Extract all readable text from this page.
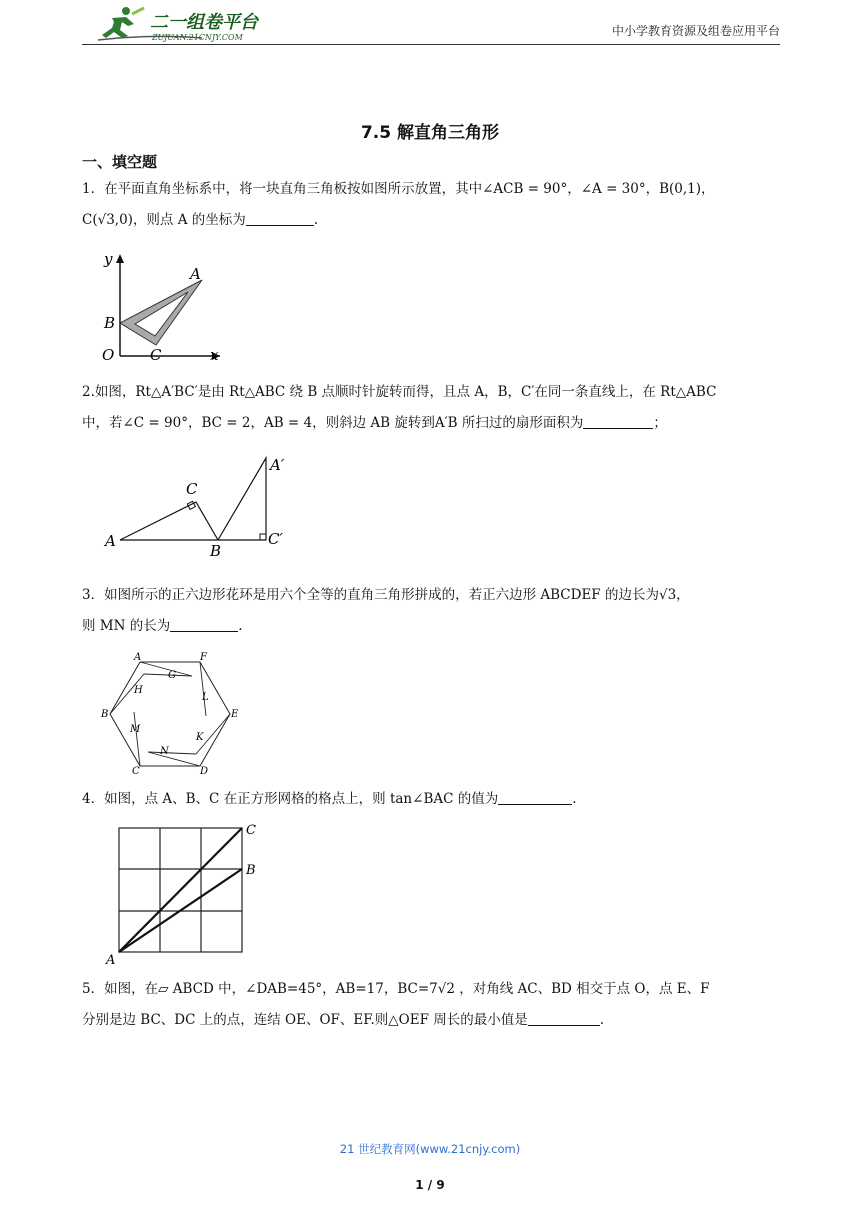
二一组卷平台
ZUJUAN.21CNJY.COM	中小学教育资源及组卷应用平台
7.5 解直角三角形
一、填空题

1．在平面直角坐标系中，将一块直角三角板按如图所示放置，其中∠ACB = 90°，∠A = 30°，B(0,1)，

C(√3,0)，则点 A 的坐标为	.

A
B
C
O	x
y

2.如图，Rt△A′BC′是由 Rt△ABC 绕 B 点顺时针旋转而得，且点 A，B，C′在同一条直线上，在 Rt△ABC

中，若∠C = 90°，BC = 2，AB = 4，则斜边 AB 旋转到A′B 所扫过的扇形面积为	；

A
B
C
A′
C′

3．如图所示的正六边形花环是用六个全等的直角三角形拼成的，若正六边形 ABCDEF 的边长为√3，

则 MN 的长为	.

A	F
B	E
C	D
G
H
L
M
K
N

4．如图，点 A、B、C 在正方形网格的格点上，则 tan∠BAC 的值为	.

A
B
C

5．如图，在▱ ABCD 中，∠DAB=45°，AB=17，BC=7√2 ，对角线 AC、BD 相交于点 O，点 E、F

分别是边 BC、DC 上的点，连结 OE、OF、EF.则△OEF 周长的最小值是	.

21 世纪教育网(www.21cnjy.com)
1 / 9
